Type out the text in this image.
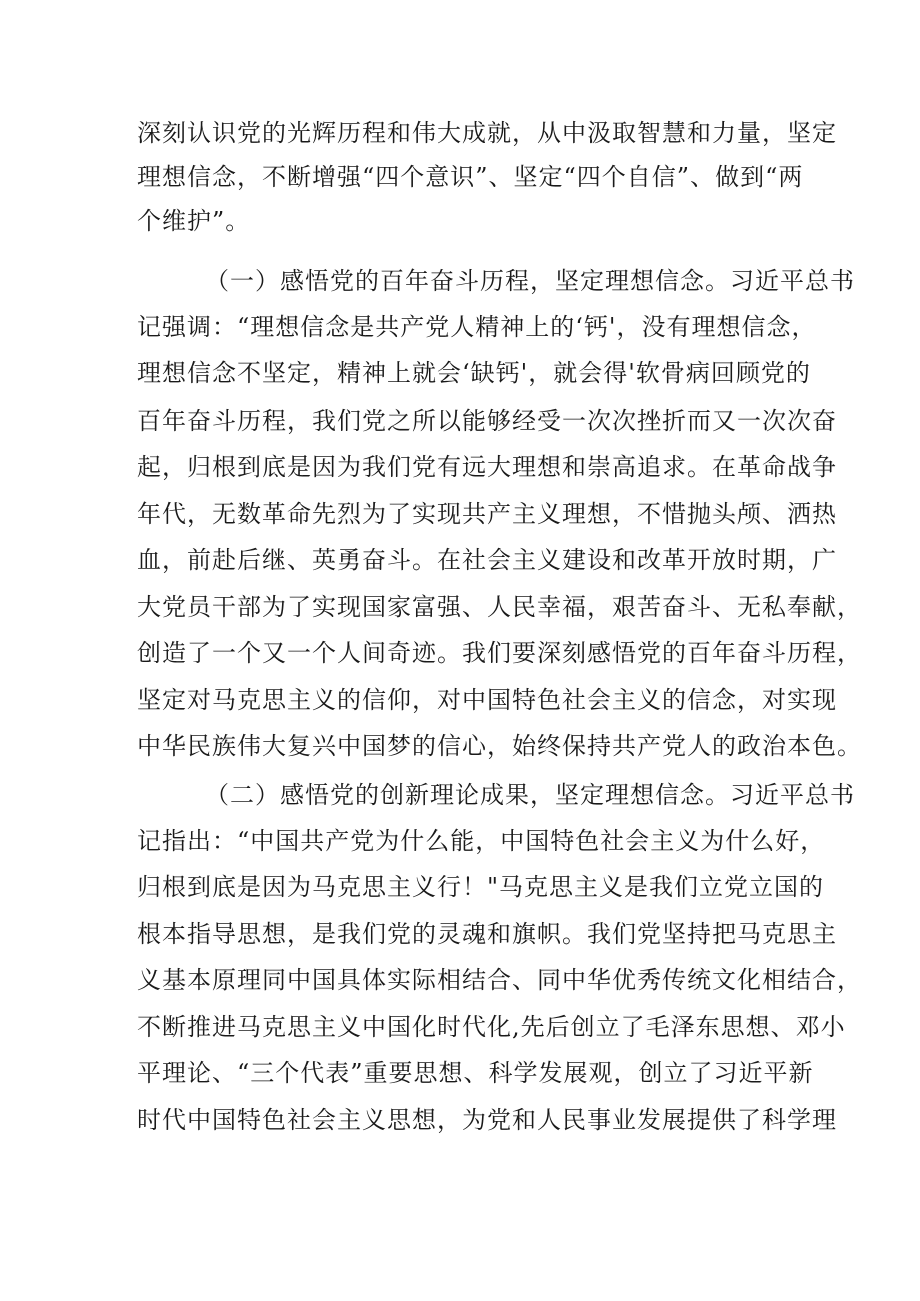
深刻认识党的光辉历程和伟大成就，从中汲取智慧和力量，坚定
理想信念，不断增强“四个意识”、坚定“四个自信”、做到“两
个维护”。
（一）感悟党的百年奋斗历程，坚定理想信念。习近平总书
记强调：“理想信念是共产党人精神上的‘钙'，没有理想信念，
理想信念不坚定，精神上就会‘缺钙'，就会得'软骨病回顾党的
百年奋斗历程，我们党之所以能够经受一次次挫折而又一次次奋
起，归根到底是因为我们党有远大理想和崇高追求。在革命战争
年代，无数革命先烈为了实现共产主义理想，不惜抛头颅、洒热
血，前赴后继、英勇奋斗。在社会主义建设和改革开放时期，广
大党员干部为了实现国家富强、人民幸福，艰苦奋斗、无私奉献，
创造了一个又一个人间奇迹。我们要深刻感悟党的百年奋斗历程，
坚定对马克思主义的信仰，对中国特色社会主义的信念，对实现
中华民族伟大复兴中国梦的信心，始终保持共产党人的政治本色。
（二）感悟党的创新理论成果，坚定理想信念。习近平总书
记指出：“中国共产党为什么能，中国特色社会主义为什么好，
归根到底是因为马克思主义行！"马克思主义是我们立党立国的
根本指导思想，是我们党的灵魂和旗帜。我们党坚持把马克思主
义基本原理同中国具体实际相结合、同中华优秀传统文化相结合，
不断推进马克思主义中国化时代化,先后创立了毛泽东思想、邓小
平理论、“三个代表”重要思想、科学发展观，创立了习近平新
时代中国特色社会主义思想，为党和人民事业发展提供了科学理
